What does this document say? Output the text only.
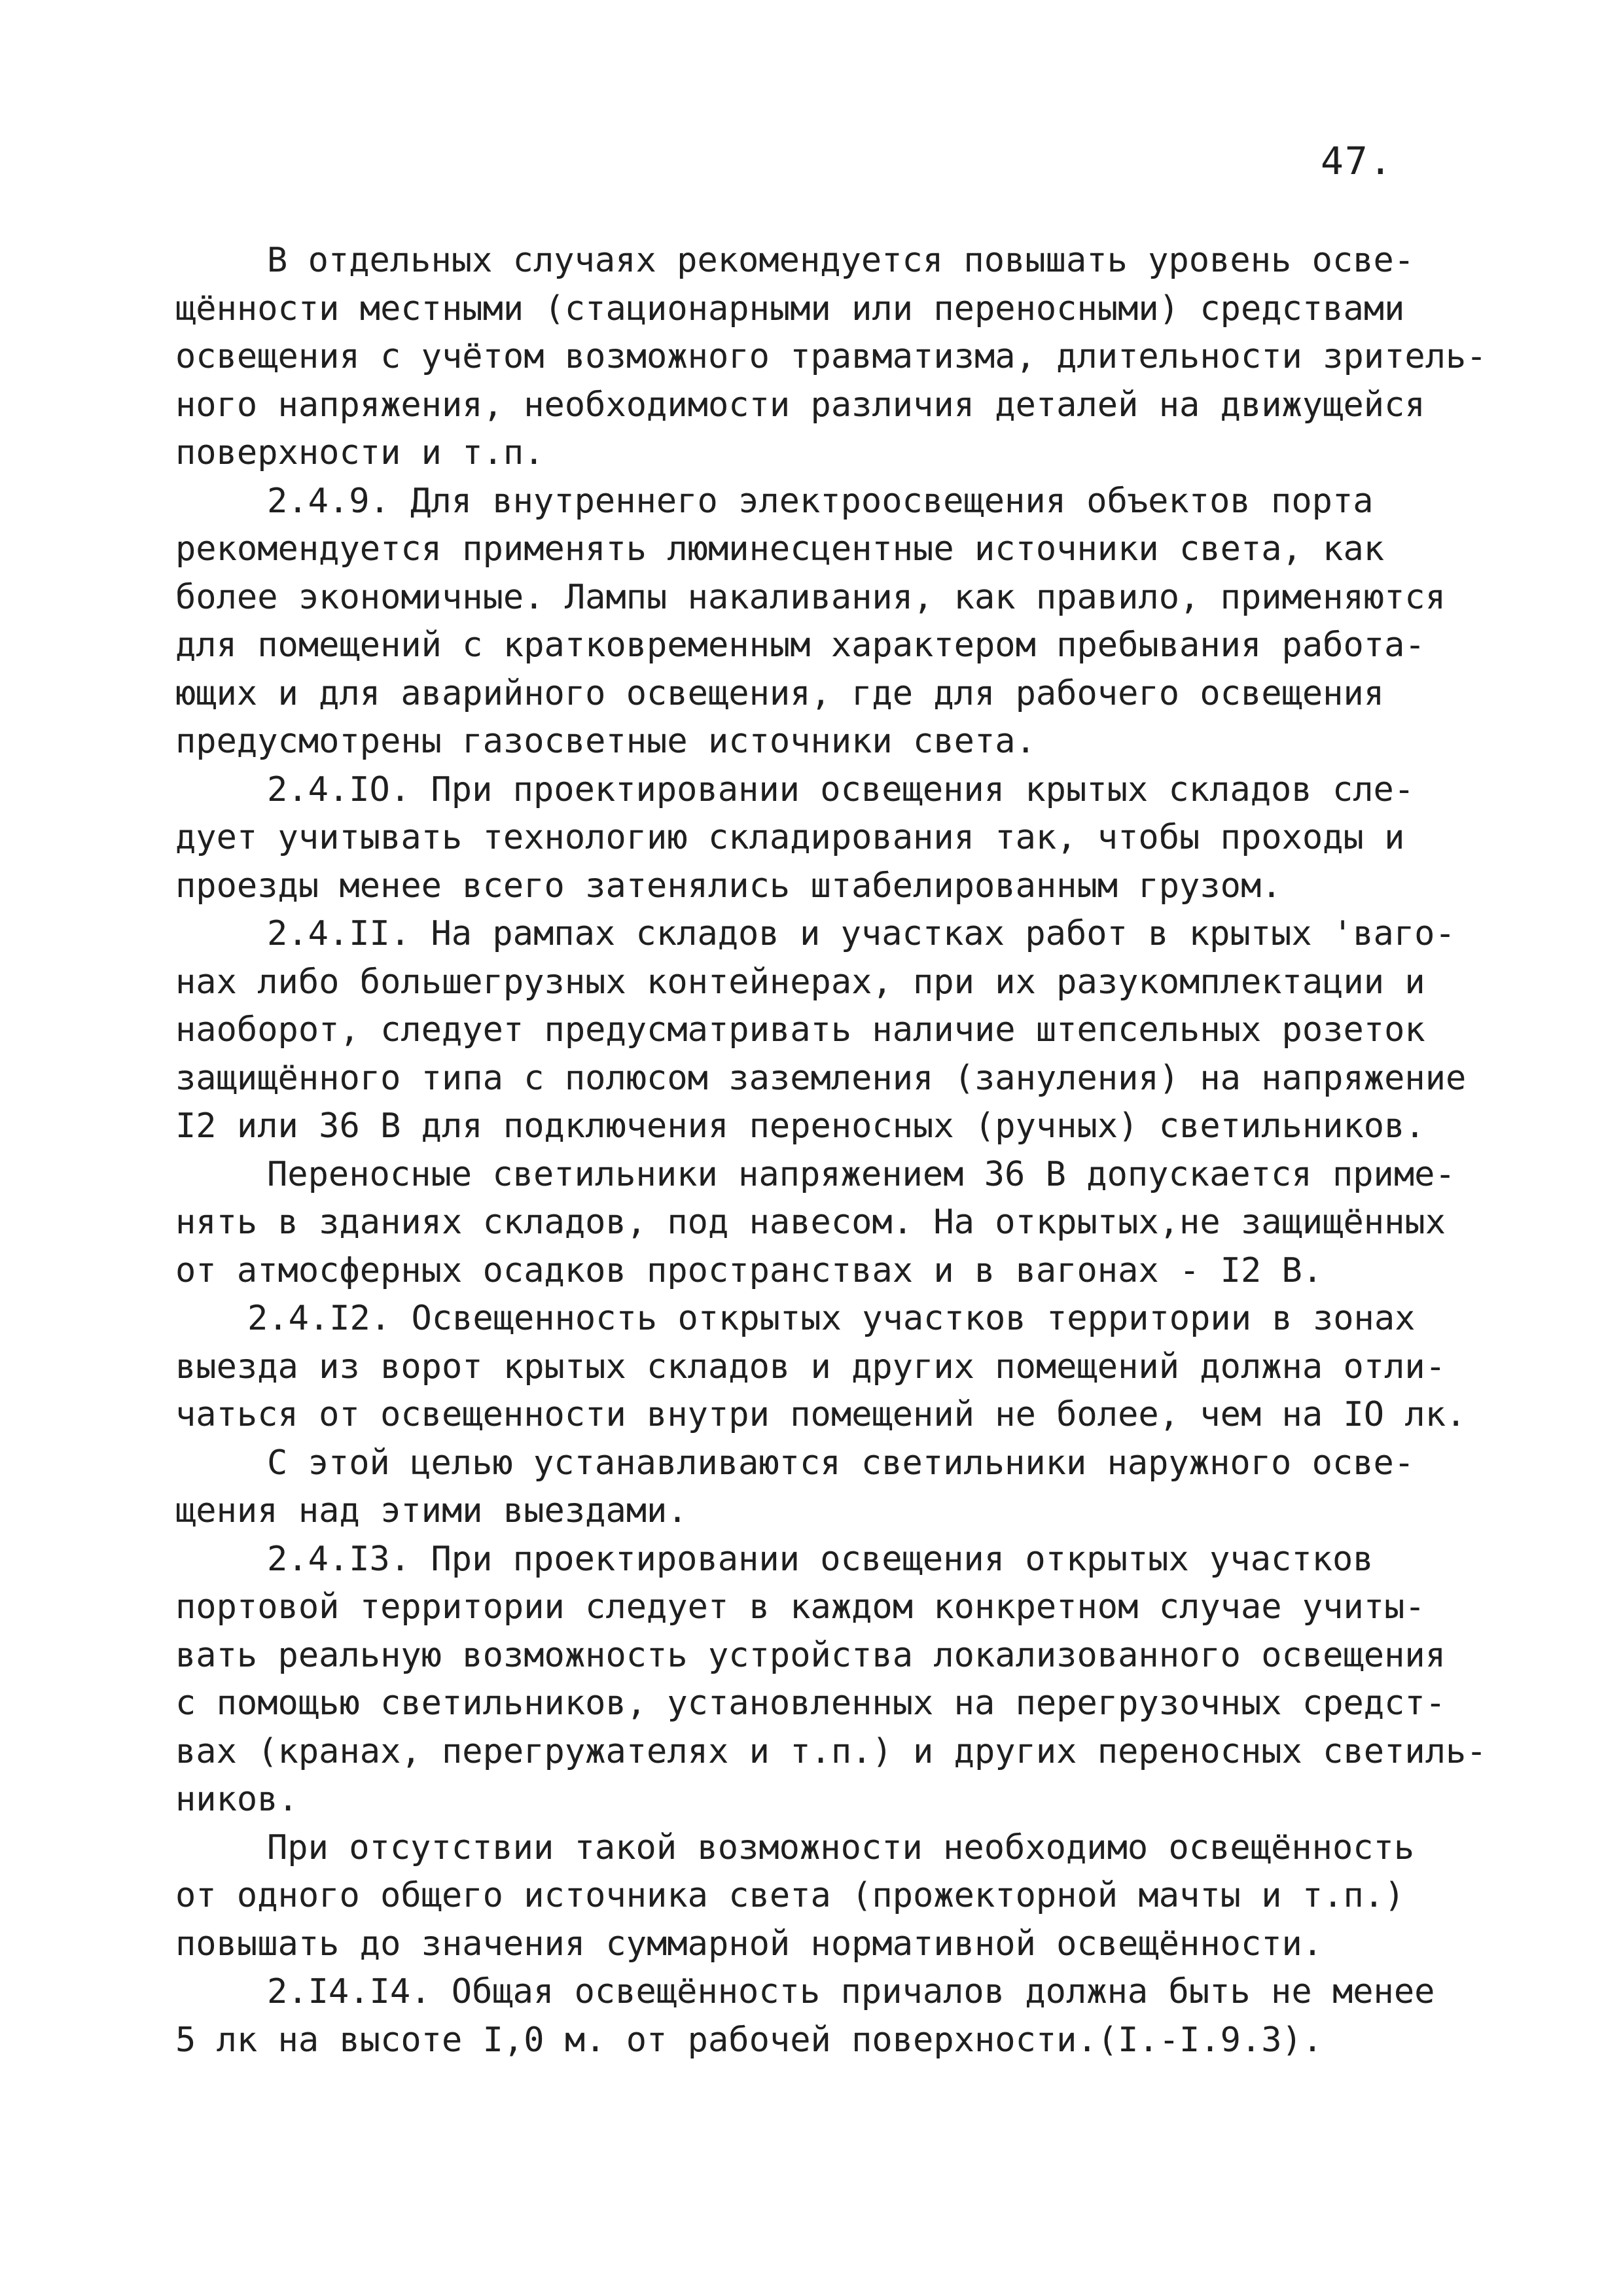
47.
В отдельных случаях рекомендуется повышать уровень осве-
щённости местными (стационарными или переносными) средствами
освещения с учётом возможного травматизма, длительности зритель-
ного напряжения, необходимости различия деталей на движущейся
поверхности и т.п.
2.4.9. Для внутреннего электроосвещения объектов порта
рекомендуется применять люминесцентные источники света, как
более экономичные. Лампы накаливания, как правило, применяются
для помещений с кратковременным характером пребывания работа-
ющих и для аварийного освещения, где для рабочего освещения
предусмотрены газосветные источники света.
2.4.IO. При проектировании освещения крытых складов сле-
дует учитывать технологию складирования так, чтобы проходы и
проезды менее всего затенялись штабелированным грузом.
2.4.II. На рампах складов и участках работ в крытых 'ваго-
нах либо большегрузных контейнерах, при их разукомплектации и
наоборот, следует предусматривать наличие штепсельных розеток
защищённого типа с полюсом заземления (зануления) на напряжение
I2 или 36 В для подключения переносных (ручных) светильников.
Переносные светильники напряжением 36 В допускается приме-
нять в зданиях складов, под навесом. На открытых,не защищённых
от атмосферных осадков пространствах и в вагонах - I2 В.
2.4.I2. Освещенность открытых участков территории в зонах
выезда из ворот крытых складов и других помещений должна отли-
чаться от освещенности внутри помещений не более, чем на IO лк.
С этой целью устанавливаются светильники наружного осве-
щения над этими выездами.
2.4.I3. При проектировании освещения открытых участков
портовой территории следует в каждом конкретном случае учиты-
вать реальную возможность устройства локализованного освещения
с помощью светильников, установленных на перегрузочных средст-
вах (кранах, перегружателях и т.п.) и других переносных светиль-
ников.
При отсутствии такой возможности необходимо освещённость
от одного общего источника света (прожекторной мачты и т.п.)
повышать до значения суммарной нормативной освещённости.
2.I4.I4. Общая освещённость причалов должна быть не менее
5 лк на высоте I,0 м. от рабочей поверхности.(I.-I.9.3).
